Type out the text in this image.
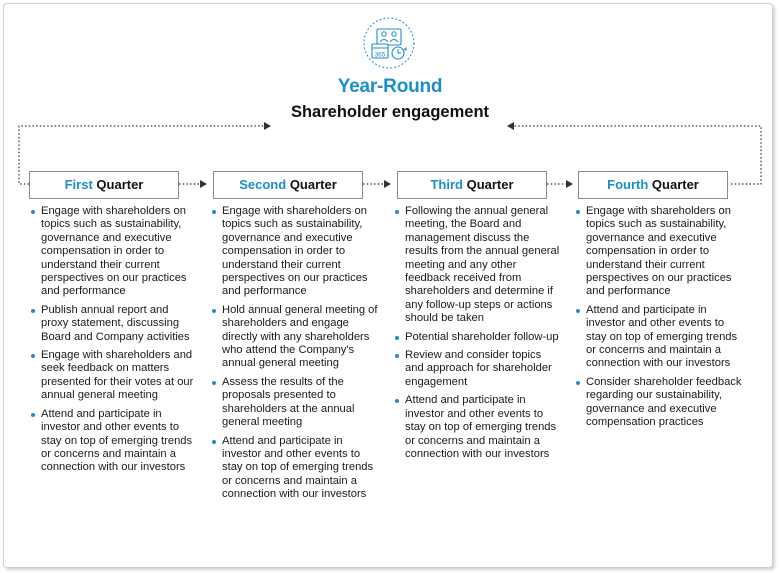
365
Year-Round
Shareholder engagement
First Quarter	Second Quarter	Third Quarter	Fourth Quarter
Engage with shareholders on topics such as sustainability, governance and executive compensation in order to understand their current perspectives on our practices and performance
Publish annual report and proxy statement, discussing Board and Company activities
Engage with shareholders and seek feedback on matters presented for their votes at our annual general meeting
Attend and participate in investor and other events to stay on top of emerging trends or concerns and maintain a connection with our investors
Engage with shareholders on topics such as sustainability, governance and executive compensation in order to understand their current perspectives on our practices and performance
Hold annual general meeting of shareholders and engage directly with any shareholders who attend the Company's annual general meeting
Assess the results of the proposals presented to shareholders at the annual general meeting
Attend and participate in investor and other events to stay on top of emerging trends or concerns and maintain a connection with our investors
Following the annual general meeting, the Board and management discuss the results from the annual general meeting and any other feedback received from shareholders and determine if any follow-up steps or actions should be taken
Potential shareholder follow-up
Review and consider topics and approach for shareholder engagement
Attend and participate in investor and other events to stay on top of emerging trends or concerns and maintain a connection with our investors
Engage with shareholders on topics such as sustainability, governance and executive compensation in order to understand their current perspectives on our practices and performance
Attend and participate in investor and other events to stay on top of emerging trends or concerns and maintain a connection with our investors
Consider shareholder feedback regarding our sustainability, governance and executive compensation practices
